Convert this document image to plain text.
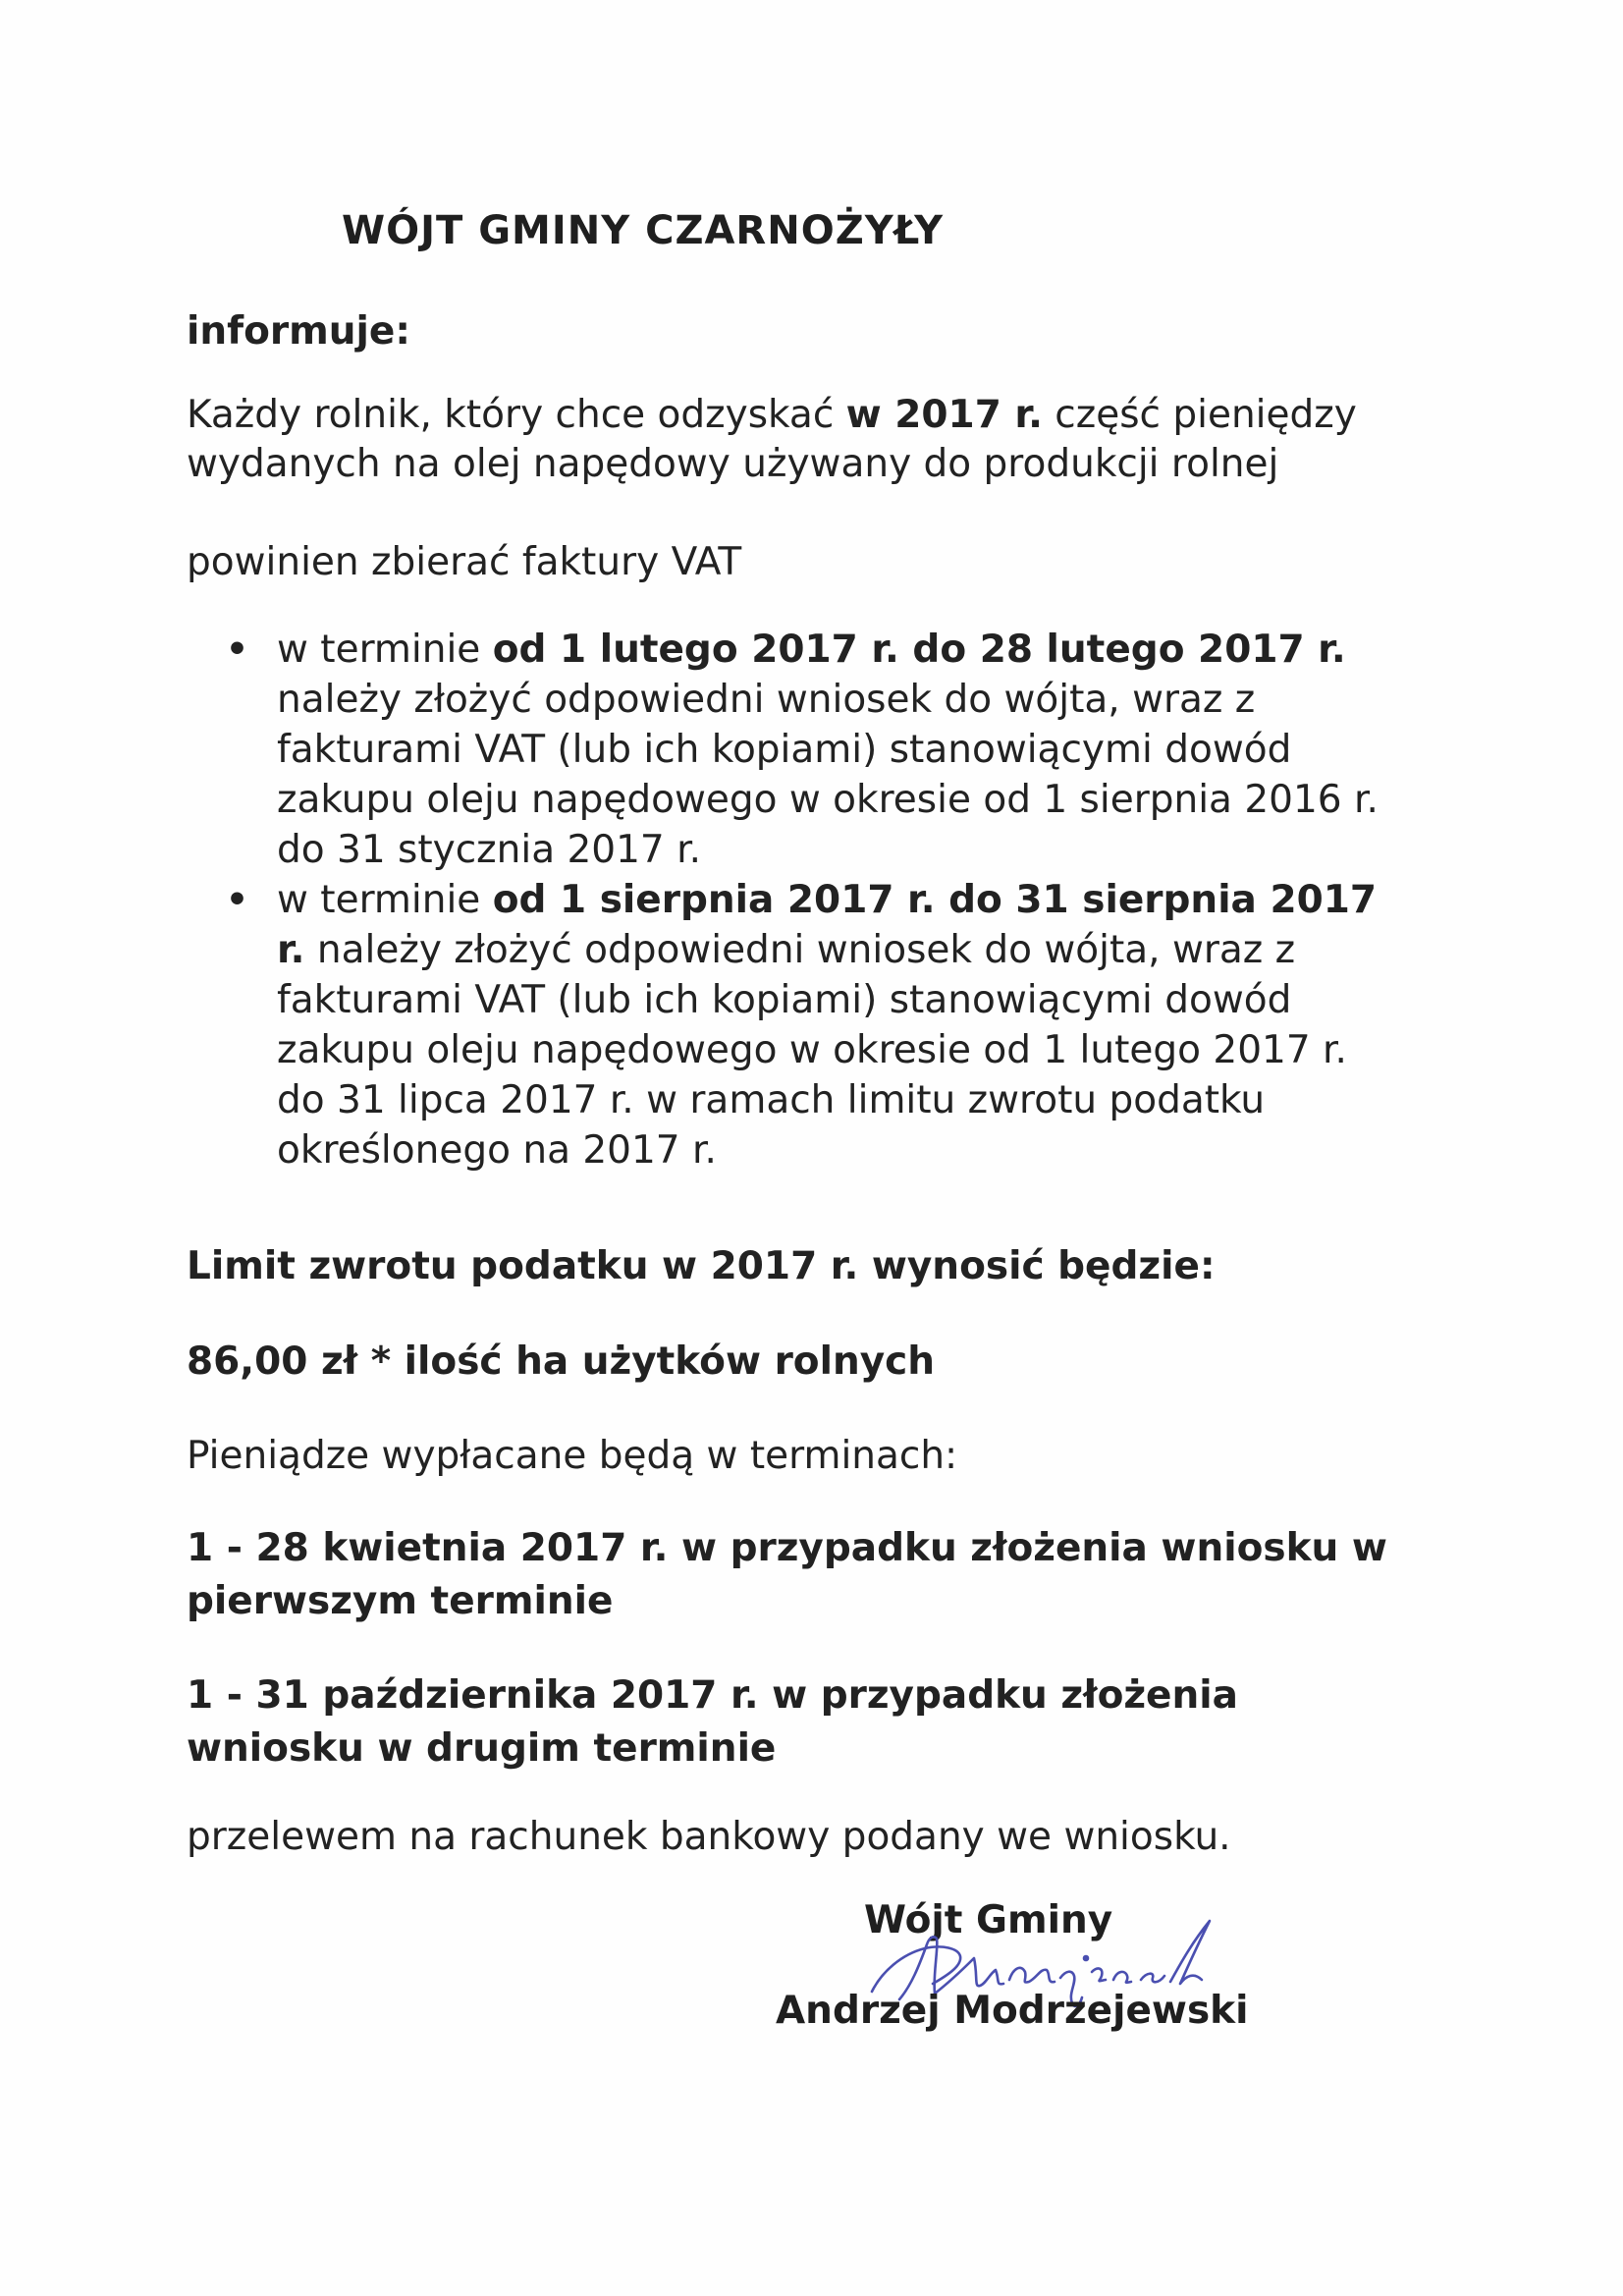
WÓJT GMINY CZARNOŻYŁY
informuje:
Każdy rolnik, który chce odzyskać w 2017 r. część pieniędzy
wydanych na olej napędowy używany do produkcji rolnej
powinien zbierać faktury VAT
• w terminie od 1 lutego 2017 r. do 28 lutego 2017 r.
należy złożyć odpowiedni wniosek do wójta, wraz z
fakturami VAT (lub ich kopiami) stanowiącymi dowód
zakupu oleju napędowego w okresie od 1 sierpnia 2016 r.
do 31 stycznia 2017 r.
• w terminie od 1 sierpnia 2017 r. do 31 sierpnia 2017
r. należy złożyć odpowiedni wniosek do wójta, wraz z
fakturami VAT (lub ich kopiami) stanowiącymi dowód
zakupu oleju napędowego w okresie od 1 lutego 2017 r.
do 31 lipca 2017 r. w ramach limitu zwrotu podatku
określonego na 2017 r.
Limit zwrotu podatku w 2017 r. wynosić będzie:
86,00 zł * ilość ha użytków rolnych
Pieniądze wypłacane będą w terminach:
1 - 28 kwietnia 2017 r. w przypadku złożenia wniosku w
pierwszym terminie
1 - 31 października 2017 r. w przypadku złożenia
wniosku w drugim terminie
przelewem na rachunek bankowy podany we wniosku.
Wójt Gminy
Andrzej Modrzejewski
